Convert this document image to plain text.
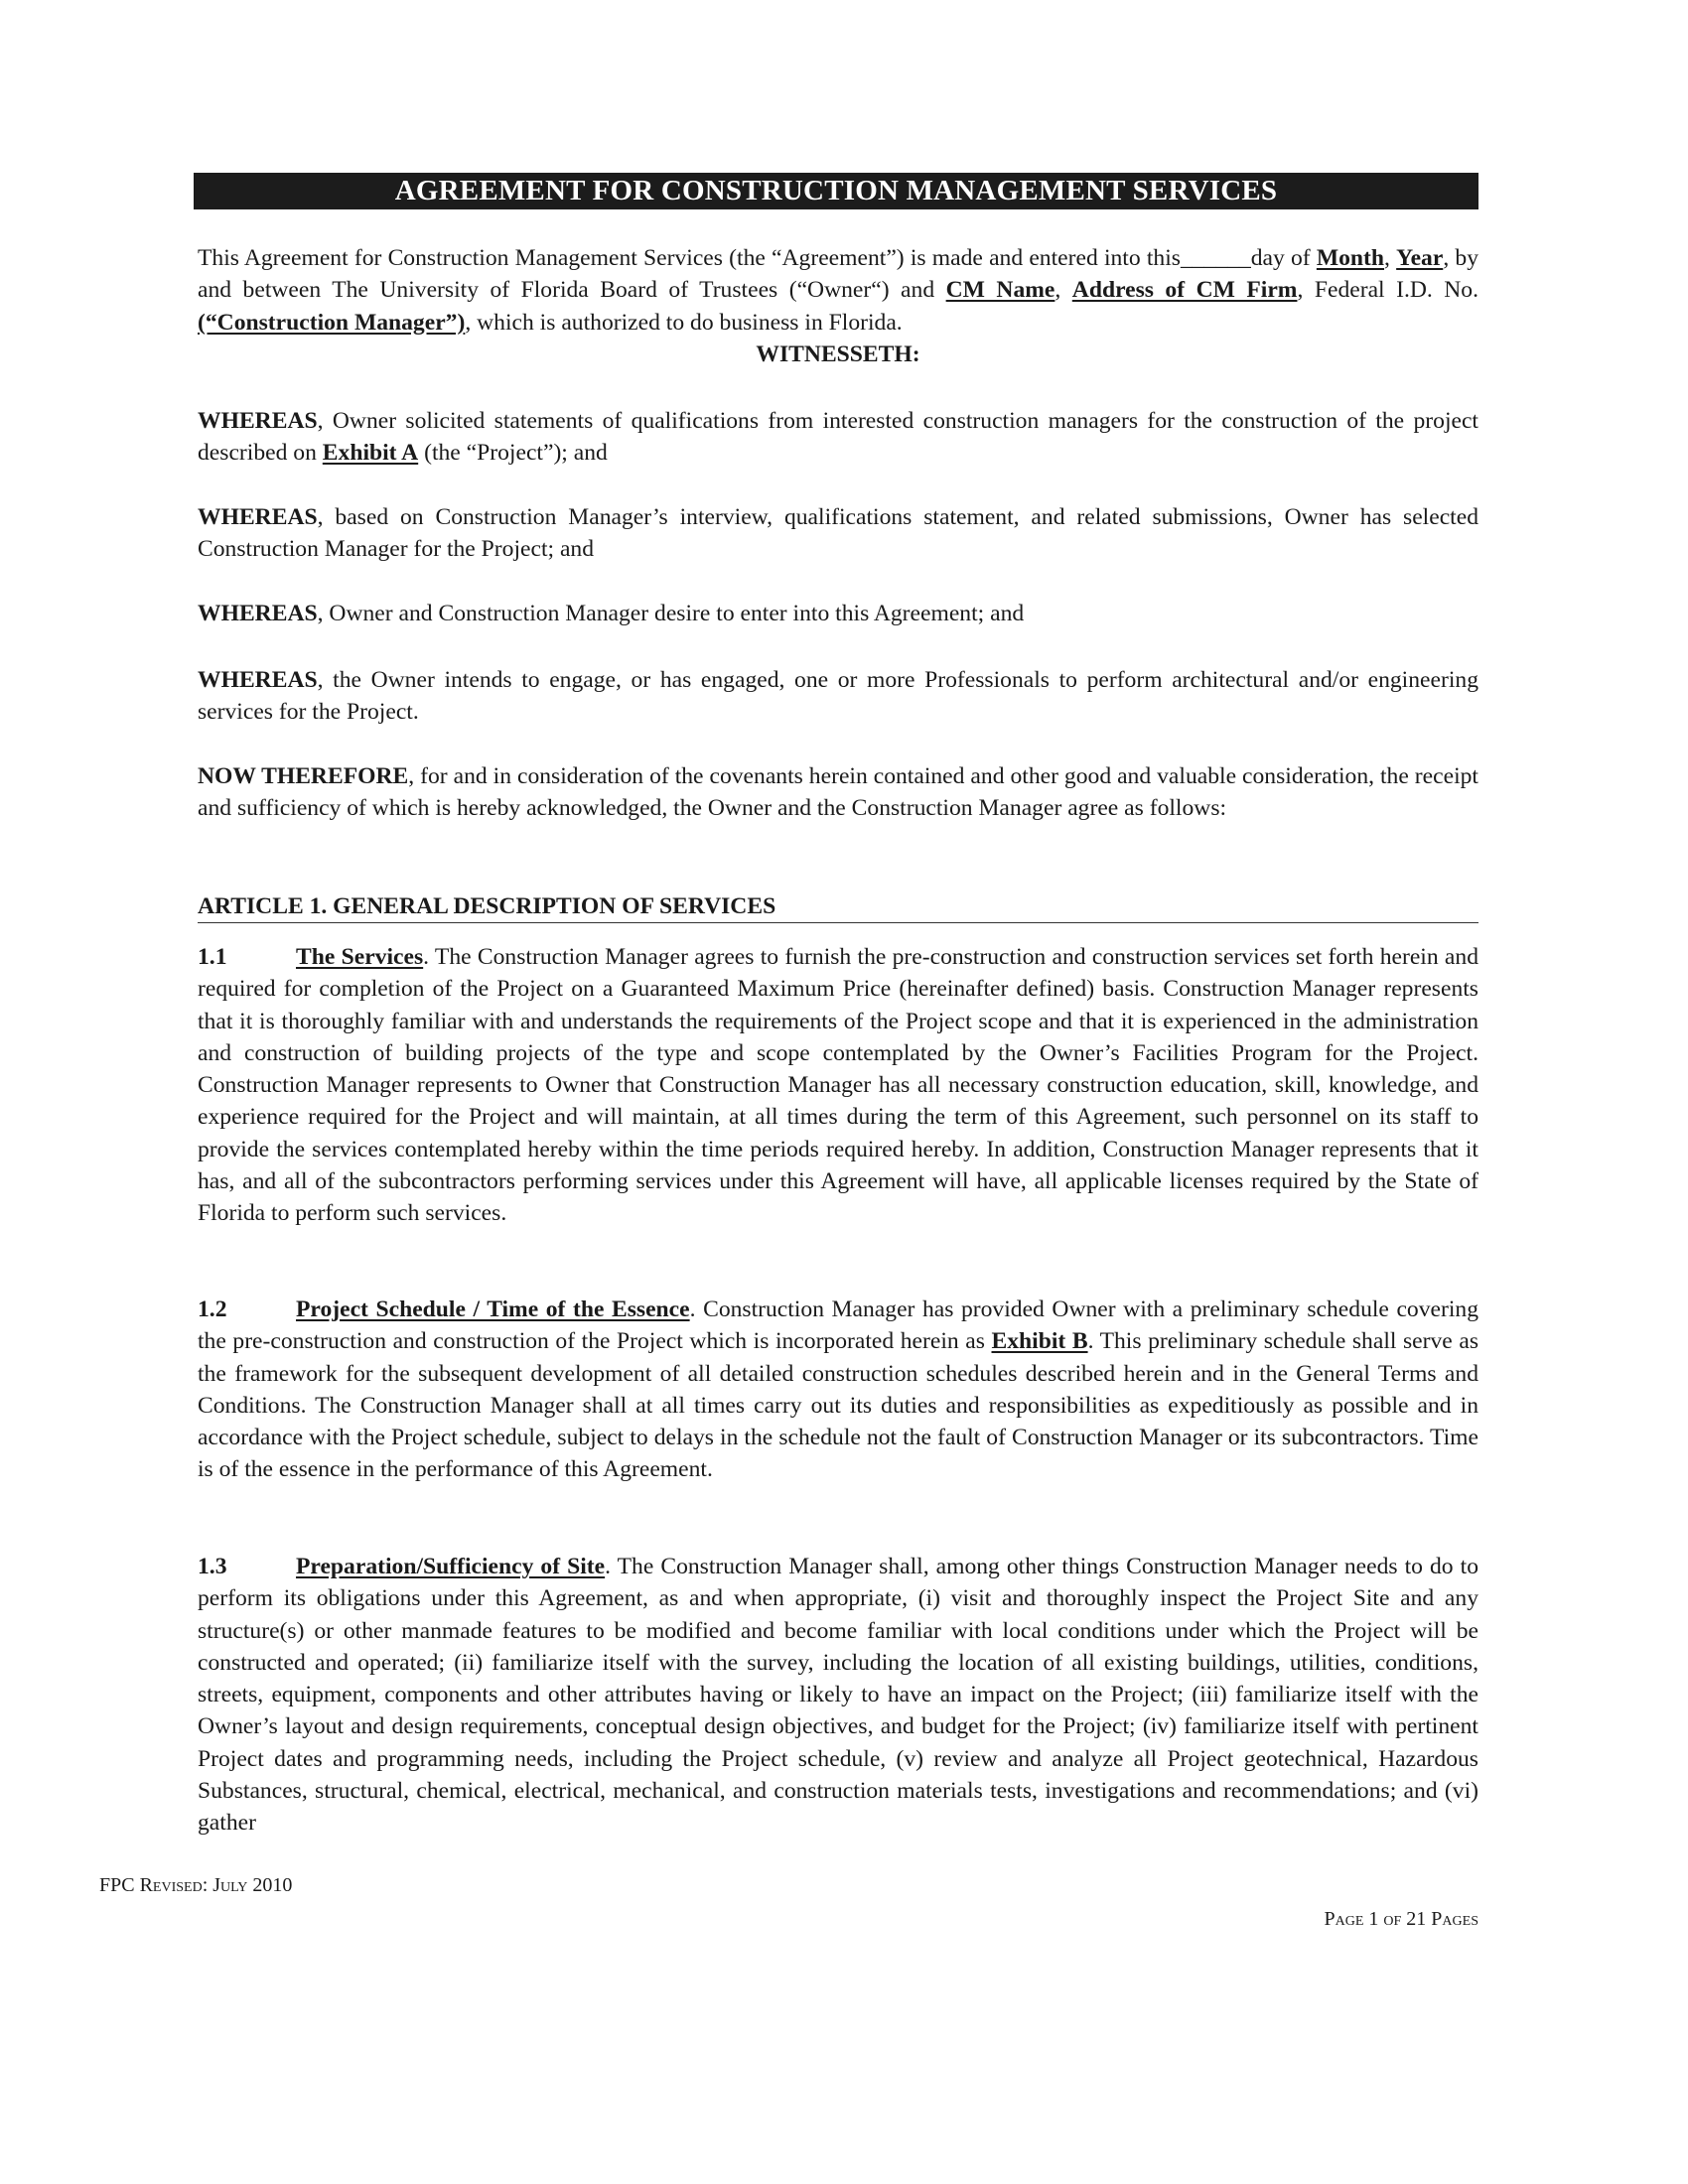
AGREEMENT FOR CONSTRUCTION MANAGEMENT SERVICES
This Agreement for Construction Management Services (the “Agreement”) is made and entered into this______day of Month, Year, by and between The University of Florida Board of Trustees (“Owner“) and CM Name, Address of CM Firm, Federal I.D. No. (“Construction Manager”), which is authorized to do business in Florida.
WITNESSETH:
WHEREAS, Owner solicited statements of qualifications from interested construction managers for the construction of the project described on Exhibit A (the “Project”); and
WHEREAS, based on Construction Manager’s interview, qualifications statement, and related submissions, Owner has selected Construction Manager for the Project; and
WHEREAS, Owner and Construction Manager desire to enter into this Agreement; and
WHEREAS, the Owner intends to engage, or has engaged, one or more Professionals to perform architectural and/or engineering services for the Project.
NOW THEREFORE, for and in consideration of the covenants herein contained and other good and valuable consideration, the receipt and sufficiency of which is hereby acknowledged, the Owner and the Construction Manager agree as follows:
ARTICLE 1. GENERAL DESCRIPTION OF SERVICES
1.1	The Services. The Construction Manager agrees to furnish the pre-construction and construction services set forth herein and required for completion of the Project on a Guaranteed Maximum Price (hereinafter defined) basis. Construction Manager represents that it is thoroughly familiar with and understands the requirements of the Project scope and that it is experienced in the administration and construction of building projects of the type and scope contemplated by the Owner’s Facilities Program for the Project. Construction Manager represents to Owner that Construction Manager has all necessary construction education, skill, knowledge, and experience required for the Project and will maintain, at all times during the term of this Agreement, such personnel on its staff to provide the services contemplated hereby within the time periods required hereby. In addition, Construction Manager represents that it has, and all of the subcontractors performing services under this Agreement will have, all applicable licenses required by the State of Florida to perform such services.
1.2	Project Schedule / Time of the Essence. Construction Manager has provided Owner with a preliminary schedule covering the pre-construction and construction of the Project which is incorporated herein as Exhibit B. This preliminary schedule shall serve as the framework for the subsequent development of all detailed construction schedules described herein and in the General Terms and Conditions. The Construction Manager shall at all times carry out its duties and responsibilities as expeditiously as possible and in accordance with the Project schedule, subject to delays in the schedule not the fault of Construction Manager or its subcontractors. Time is of the essence in the performance of this Agreement.
1.3	Preparation/Sufficiency of Site. The Construction Manager shall, among other things Construction Manager needs to do to perform its obligations under this Agreement, as and when appropriate, (i) visit and thoroughly inspect the Project Site and any structure(s) or other manmade features to be modified and become familiar with local conditions under which the Project will be constructed and operated; (ii) familiarize itself with the survey, including the location of all existing buildings, utilities, conditions, streets, equipment, components and other attributes having or likely to have an impact on the Project; (iii) familiarize itself with the Owner’s layout and design requirements, conceptual design objectives, and budget for the Project; (iv) familiarize itself with pertinent Project dates and programming needs, including the Project schedule, (v) review and analyze all Project geotechnical, Hazardous Substances, structural, chemical, electrical, mechanical, and construction materials tests, investigations and recommendations; and (vi) gather
FPC Revised: July 2010
Page 1 of 21 Pages
